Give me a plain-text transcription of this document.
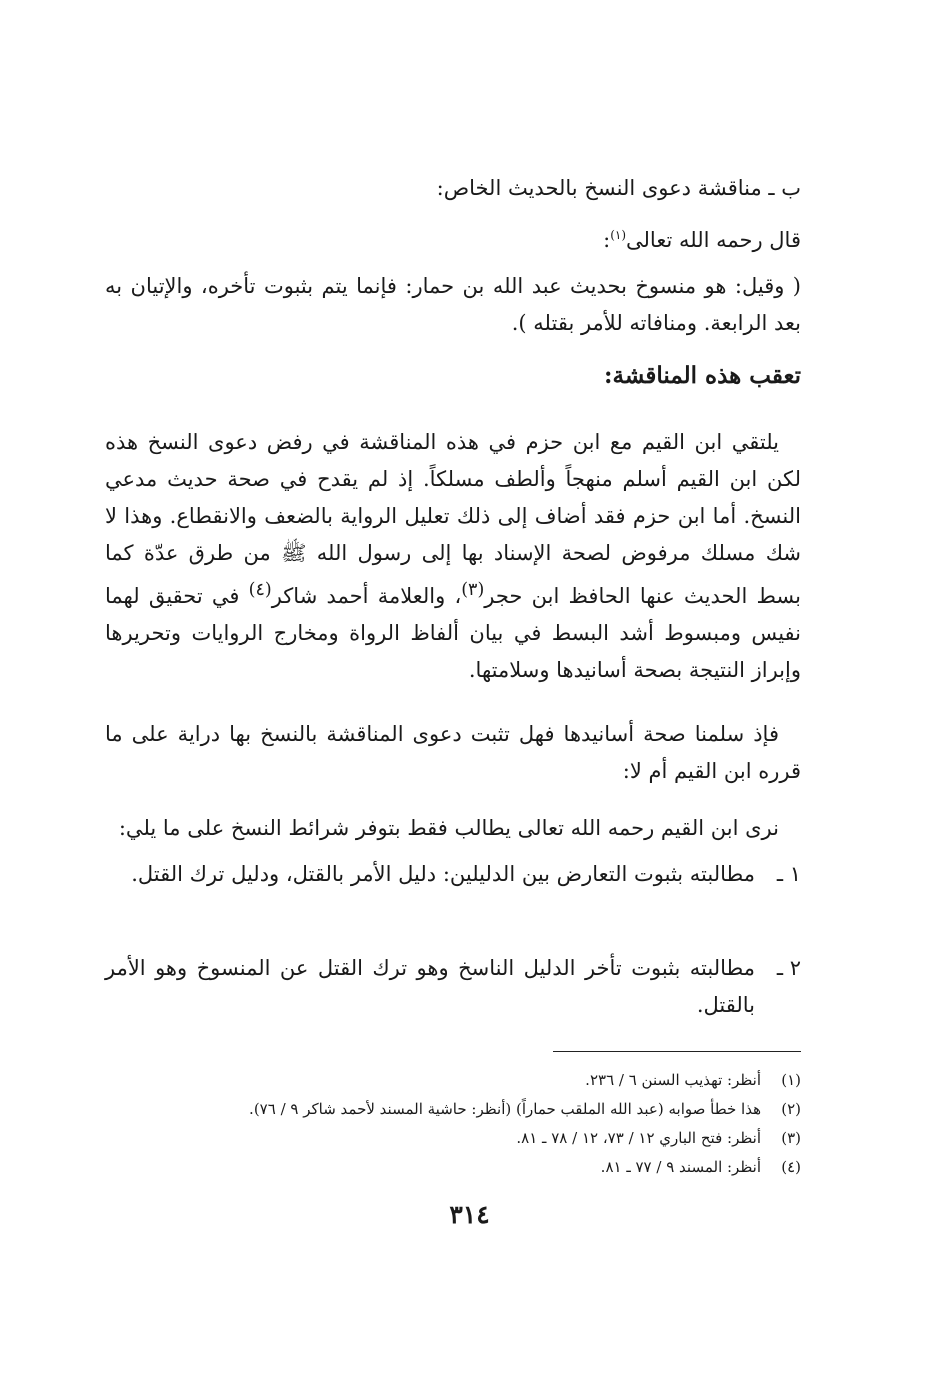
ب ـ مناقشة دعوى النسخ بالحديث الخاص:

قال رحمه الله تعالى$^{(١)}$:

( وقيل: هو منسوخ بحديث عبد الله بن حمار: فإنما يتم بثبوت تأخره، والإتيان به بعد الرابعة. ومنافاته للأمر بقتله ).

تعقب هذه المناقشة:

يلتقي ابن القيم مع ابن حزم في هذه المناقشة في رفض دعوى النسخ هذه لكن ابن القيم أسلم منهجاً وألطف مسلكاً. إذ لم يقدح في صحة حديث مدعي النسخ. أما ابن حزم فقد أضاف إلى ذلك تعليل الرواية بالضعف والانقطاع. وهذا لا شك مسلك مرفوض لصحة الإسناد بها إلى رسول الله ﷺ من طرق عدّة كما بسط الحديث عنها الحافظ ابن حجر$^{(٣)}$، والعلامة أحمد شاكر$^{(٤)}$ في تحقيق لهما نفيس ومبسوط أشد البسط في بيان ألفاظ الرواة ومخارج الروايات وتحريرها وإبراز النتيجة بصحة أسانيدها وسلامتها.

فإذ سلمنا صحة أسانيدها فهل تثبت دعوى المناقشة بالنسخ بها دراية على ما قرره ابن القيم أم لا:

نرى ابن القيم رحمه الله تعالى يطالب فقط بتوفر شرائط النسخ على ما يلي:

١ ـ
مطالبته بثبوت التعارض بين الدليلين: دليل الأمر بالقتل، ودليل ترك القتل.
٢ ـ
مطالبته بثبوت تأخر الدليل الناسخ وهو ترك القتل عن المنسوخ وهو الأمر بالقتل.
(١)
أنظر: تهذيب السنن ٦ / ٢٣٦.
(٢)
هذا خطأ صوابه (عبد الله الملقب حماراً) (أنظر: حاشية المسند لأحمد شاكر ٩ / ٧٦).
(٣)
أنظر: فتح الباري ١٢ / ٧٣، ١٢ / ٧٨ ـ ٨١.
(٤)
أنظر: المسند ٩ / ٧٧ ـ ٨١.
٣١٤
